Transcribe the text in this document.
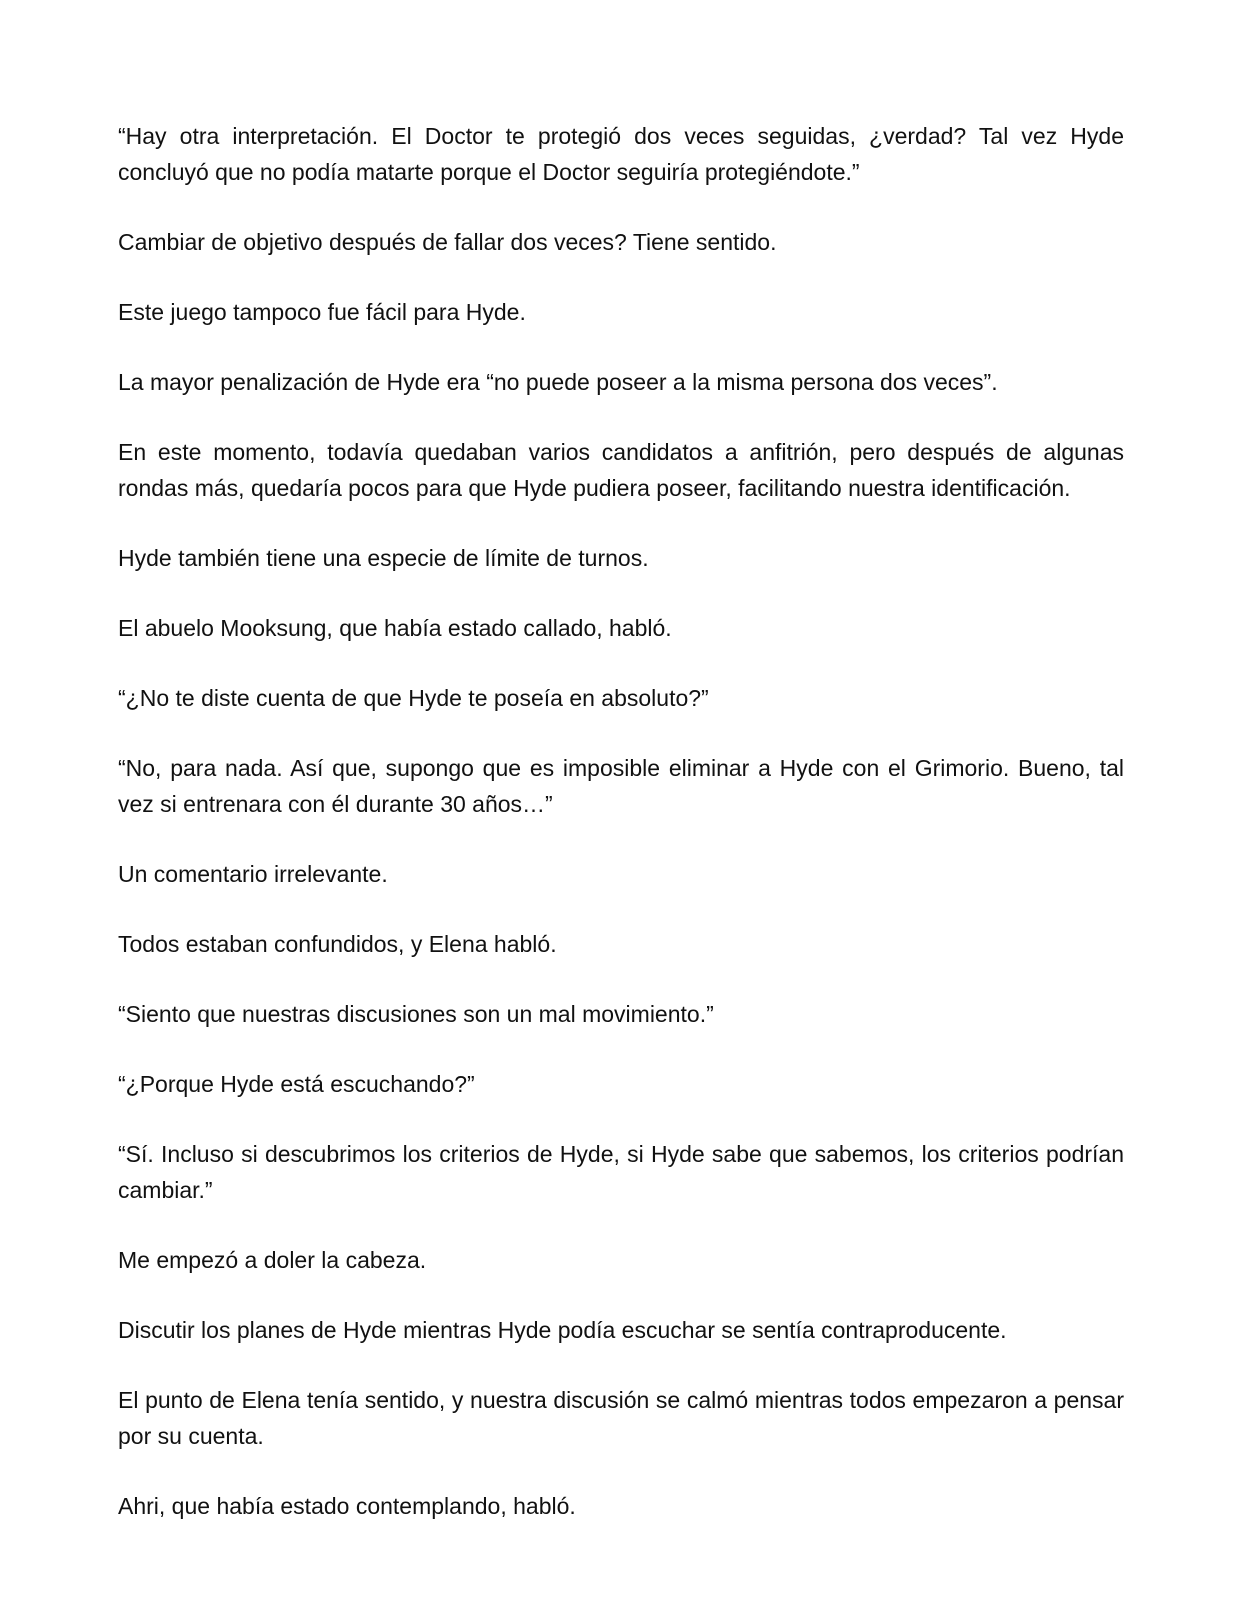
“Hay otra interpretación. El Doctor te protegió dos veces seguidas, ¿verdad? Tal vez Hyde concluyó que no podía matarte porque el Doctor seguiría protegiéndote.”

Cambiar de objetivo después de fallar dos veces? Tiene sentido.

Este juego tampoco fue fácil para Hyde.

La mayor penalización de Hyde era “no puede poseer a la misma persona dos veces”.

En este momento, todavía quedaban varios candidatos a anfitrión, pero después de algunas rondas más, quedaría pocos para que Hyde pudiera poseer, facilitando nuestra identificación.

Hyde también tiene una especie de límite de turnos.

El abuelo Mooksung, que había estado callado, habló.

“¿No te diste cuenta de que Hyde te poseía en absoluto?”

“No, para nada. Así que, supongo que es imposible eliminar a Hyde con el Grimorio. Bueno, tal vez si entrenara con él durante 30 años…”

Un comentario irrelevante.

Todos estaban confundidos, y Elena habló.

“Siento que nuestras discusiones son un mal movimiento.”

“¿Porque Hyde está escuchando?”

“Sí. Incluso si descubrimos los criterios de Hyde, si Hyde sabe que sabemos, los criterios podrían cambiar.”

Me empezó a doler la cabeza.

Discutir los planes de Hyde mientras Hyde podía escuchar se sentía contraproducente.

El punto de Elena tenía sentido, y nuestra discusión se calmó mientras todos empezaron a pensar por su cuenta.

Ahri, que había estado contemplando, habló.
